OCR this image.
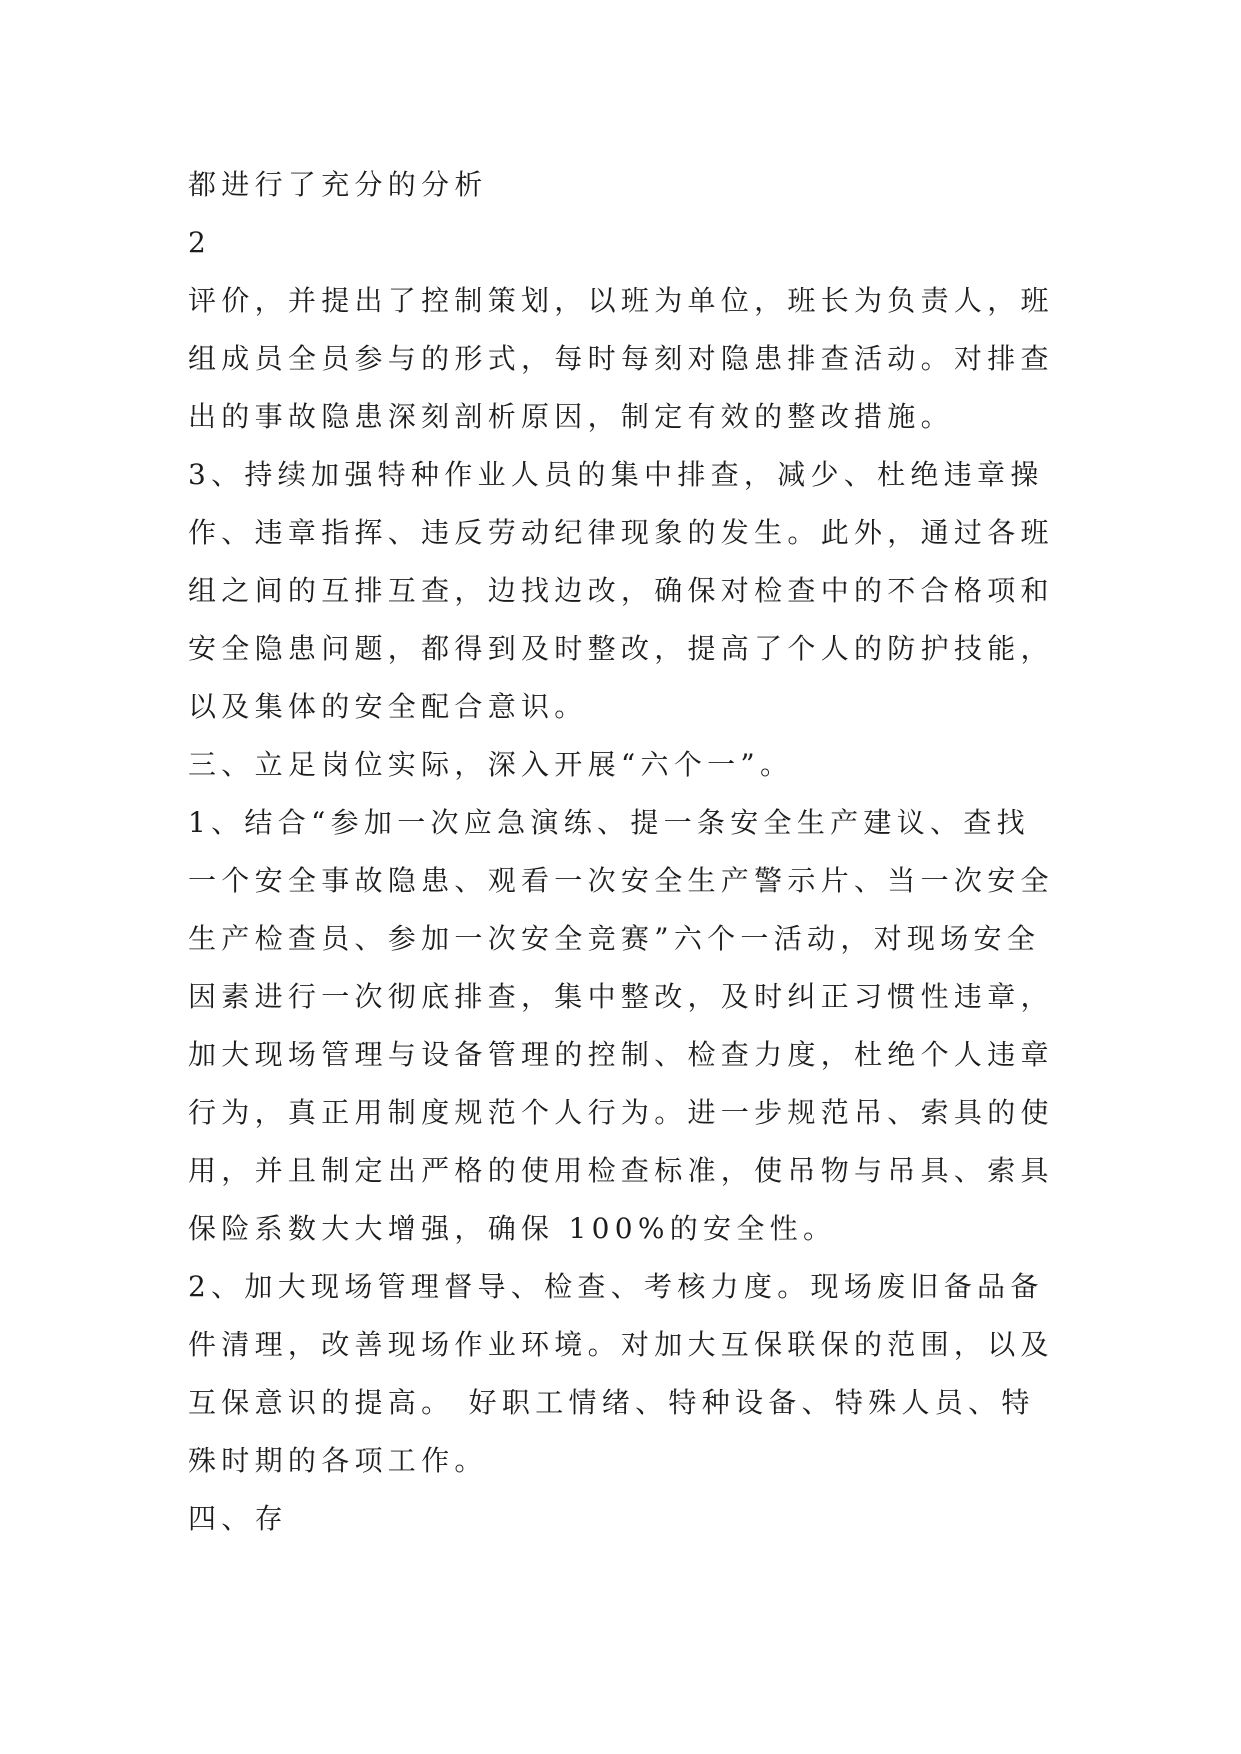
都进行了充分的分析
2
评价，并提出了控制策划，以班为单位，班长为负责人，班
组成员全员参与的形式，每时每刻对隐患排查活动。对排查
出的事故隐患深刻剖析原因，制定有效的整改措施。
3、持续加强特种作业人员的集中排查，减少、杜绝违章操
作、违章指挥、违反劳动纪律现象的发生。此外，通过各班
组之间的互排互查，边找边改，确保对检查中的不合格项和
安全隐患问题，都得到及时整改，提高了个人的防护技能，
以及集体的安全配合意识。
三、立足岗位实际，深入开展“六个一”。
1、结合“参加一次应急演练、提一条安全生产建议、查找
一个安全事故隐患、观看一次安全生产警示片、当一次安全
生产检查员、参加一次安全竞赛”六个一活动，对现场安全
因素进行一次彻底排查，集中整改，及时纠正习惯性违章，
加大现场管理与设备管理的控制、检查力度，杜绝个人违章
行为，真正用制度规范个人行为。进一步规范吊、索具的使
用，并且制定出严格的使用检查标准，使吊物与吊具、索具
保险系数大大增强，确保 100%的安全性。
2、加大现场管理督导、检查、考核力度。现场废旧备品备
件清理，改善现场作业环境。对加大互保联保的范围，以及
互保意识的提高。 好职工情绪、特种设备、特殊人员、特
殊时期的各项工作。
四、存
